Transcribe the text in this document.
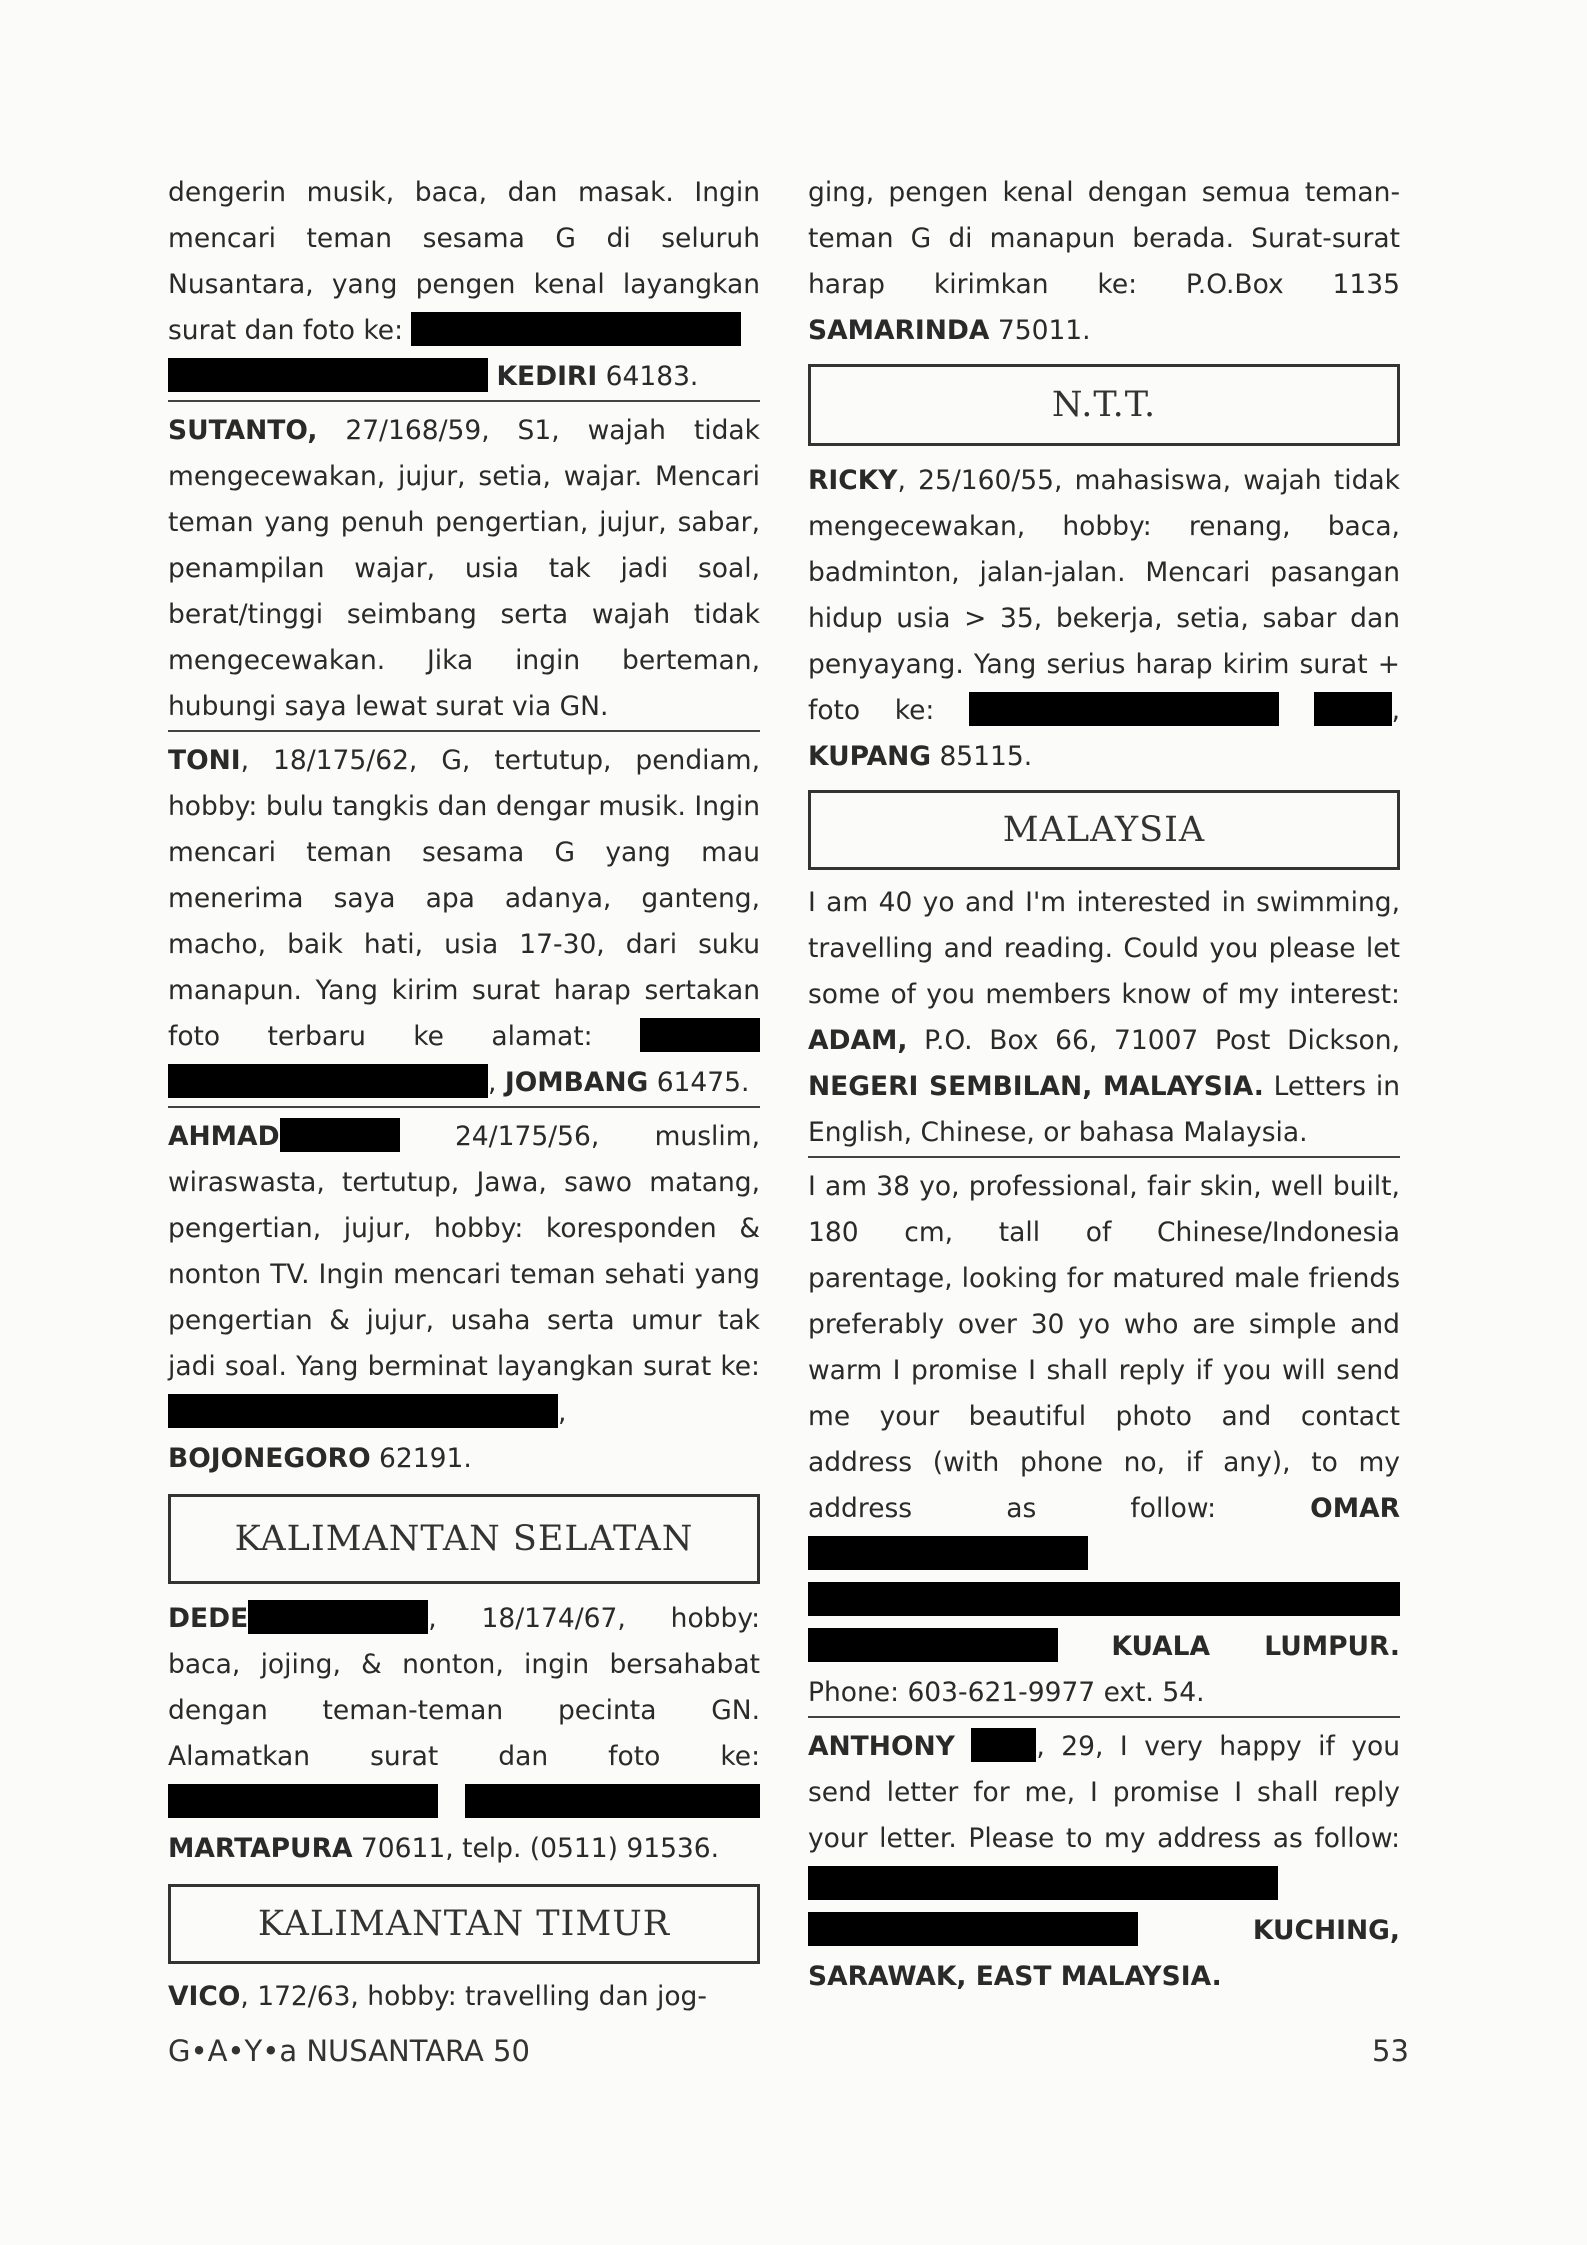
dengerin musik, baca, dan masak. Ingin mencari teman sesama G di seluruh Nusantara, yang pengen kenal layangkan surat dan foto ke:
KEDIRI 64183.

SUTANTO, 27/168/59, S1, wajah tidak mengecewakan, jujur, setia, wajar. Mencari teman yang penuh pengertian, jujur, sabar, penampilan wajar, usia tak jadi soal, berat/tinggi seimbang serta wajah tidak mengecewakan. Jika ingin berteman, hubungi saya lewat surat via GN.

TONI, 18/175/62, G, tertutup, pendiam, hobby: bulu tangkis dan dengar musik. Ingin mencari teman sesama G yang mau menerima saya apa adanya, ganteng, macho, baik hati, usia 17-30, dari suku manapun. Yang kirim surat harap sertakan foto terbaru ke alamat:  , JOMBANG 61475.

AHMAD	24/175/56, muslim, wiraswasta, tertutup, Jawa, sawo matang, pengertian, jujur, hobby: koresponden & nonton TV. Ingin mencari teman sehati yang pengertian & jujur, usaha serta umur tak jadi soal. Yang berminat layangkan surat ke: , BOJONEGORO 62191.

KALIMANTAN SELATAN

DEDE	, 18/174/67, hobby: baca, jojing, & nonton, ingin bersahabat dengan teman-teman pecinta GN. Alamatkan surat dan foto ke:   MARTAPURA 70611, telp. (0511) 91536.

KALIMANTAN TIMUR

VICO, 172/63, hobby: travelling dan jog-

ging, pengen kenal dengan semua teman-teman G di manapun berada. Surat-surat harap kirimkan ke: P.O.Box 1135 SAMARINDA 75011.

N.T.T.

RICKY, 25/160/55, mahasiswa, wajah tidak mengecewakan, hobby: renang, baca, badminton, jalan-jalan. Mencari pasangan hidup usia > 35, bekerja, setia, sabar dan penyayang. Yang serius harap kirim surat + foto ke:	, KUPANG 85115.

MALAYSIA

I am 40 yo and I'm interested in swimming, travelling and reading. Could you please let some of you members know of my interest: ADAM, P.O. Box 66, 71007 Post Dickson, NEGERI SEMBILAN, MALAYSIA. Letters in English, Chinese, or bahasa Malaysia.

I am 38 yo, professional, fair skin, well built, 180 cm, tall of Chinese/Indonesia parentage, looking for matured male friends preferably over 30 yo who are simple and warm I promise I shall reply if you will send me your beautiful photo and contact address (with phone no, if any), to my address as follow: OMAR   KUALA LUMPUR. Phone: 603-621-9977 ext. 54.

ANTHONY	, 29, I very happy if you send letter for me, I promise I shall reply your letter. Please to my address as follow:   KUCHING, SARAWAK, EAST MALAYSIA.

G•A•Y•a NUSANTARA 50	53
